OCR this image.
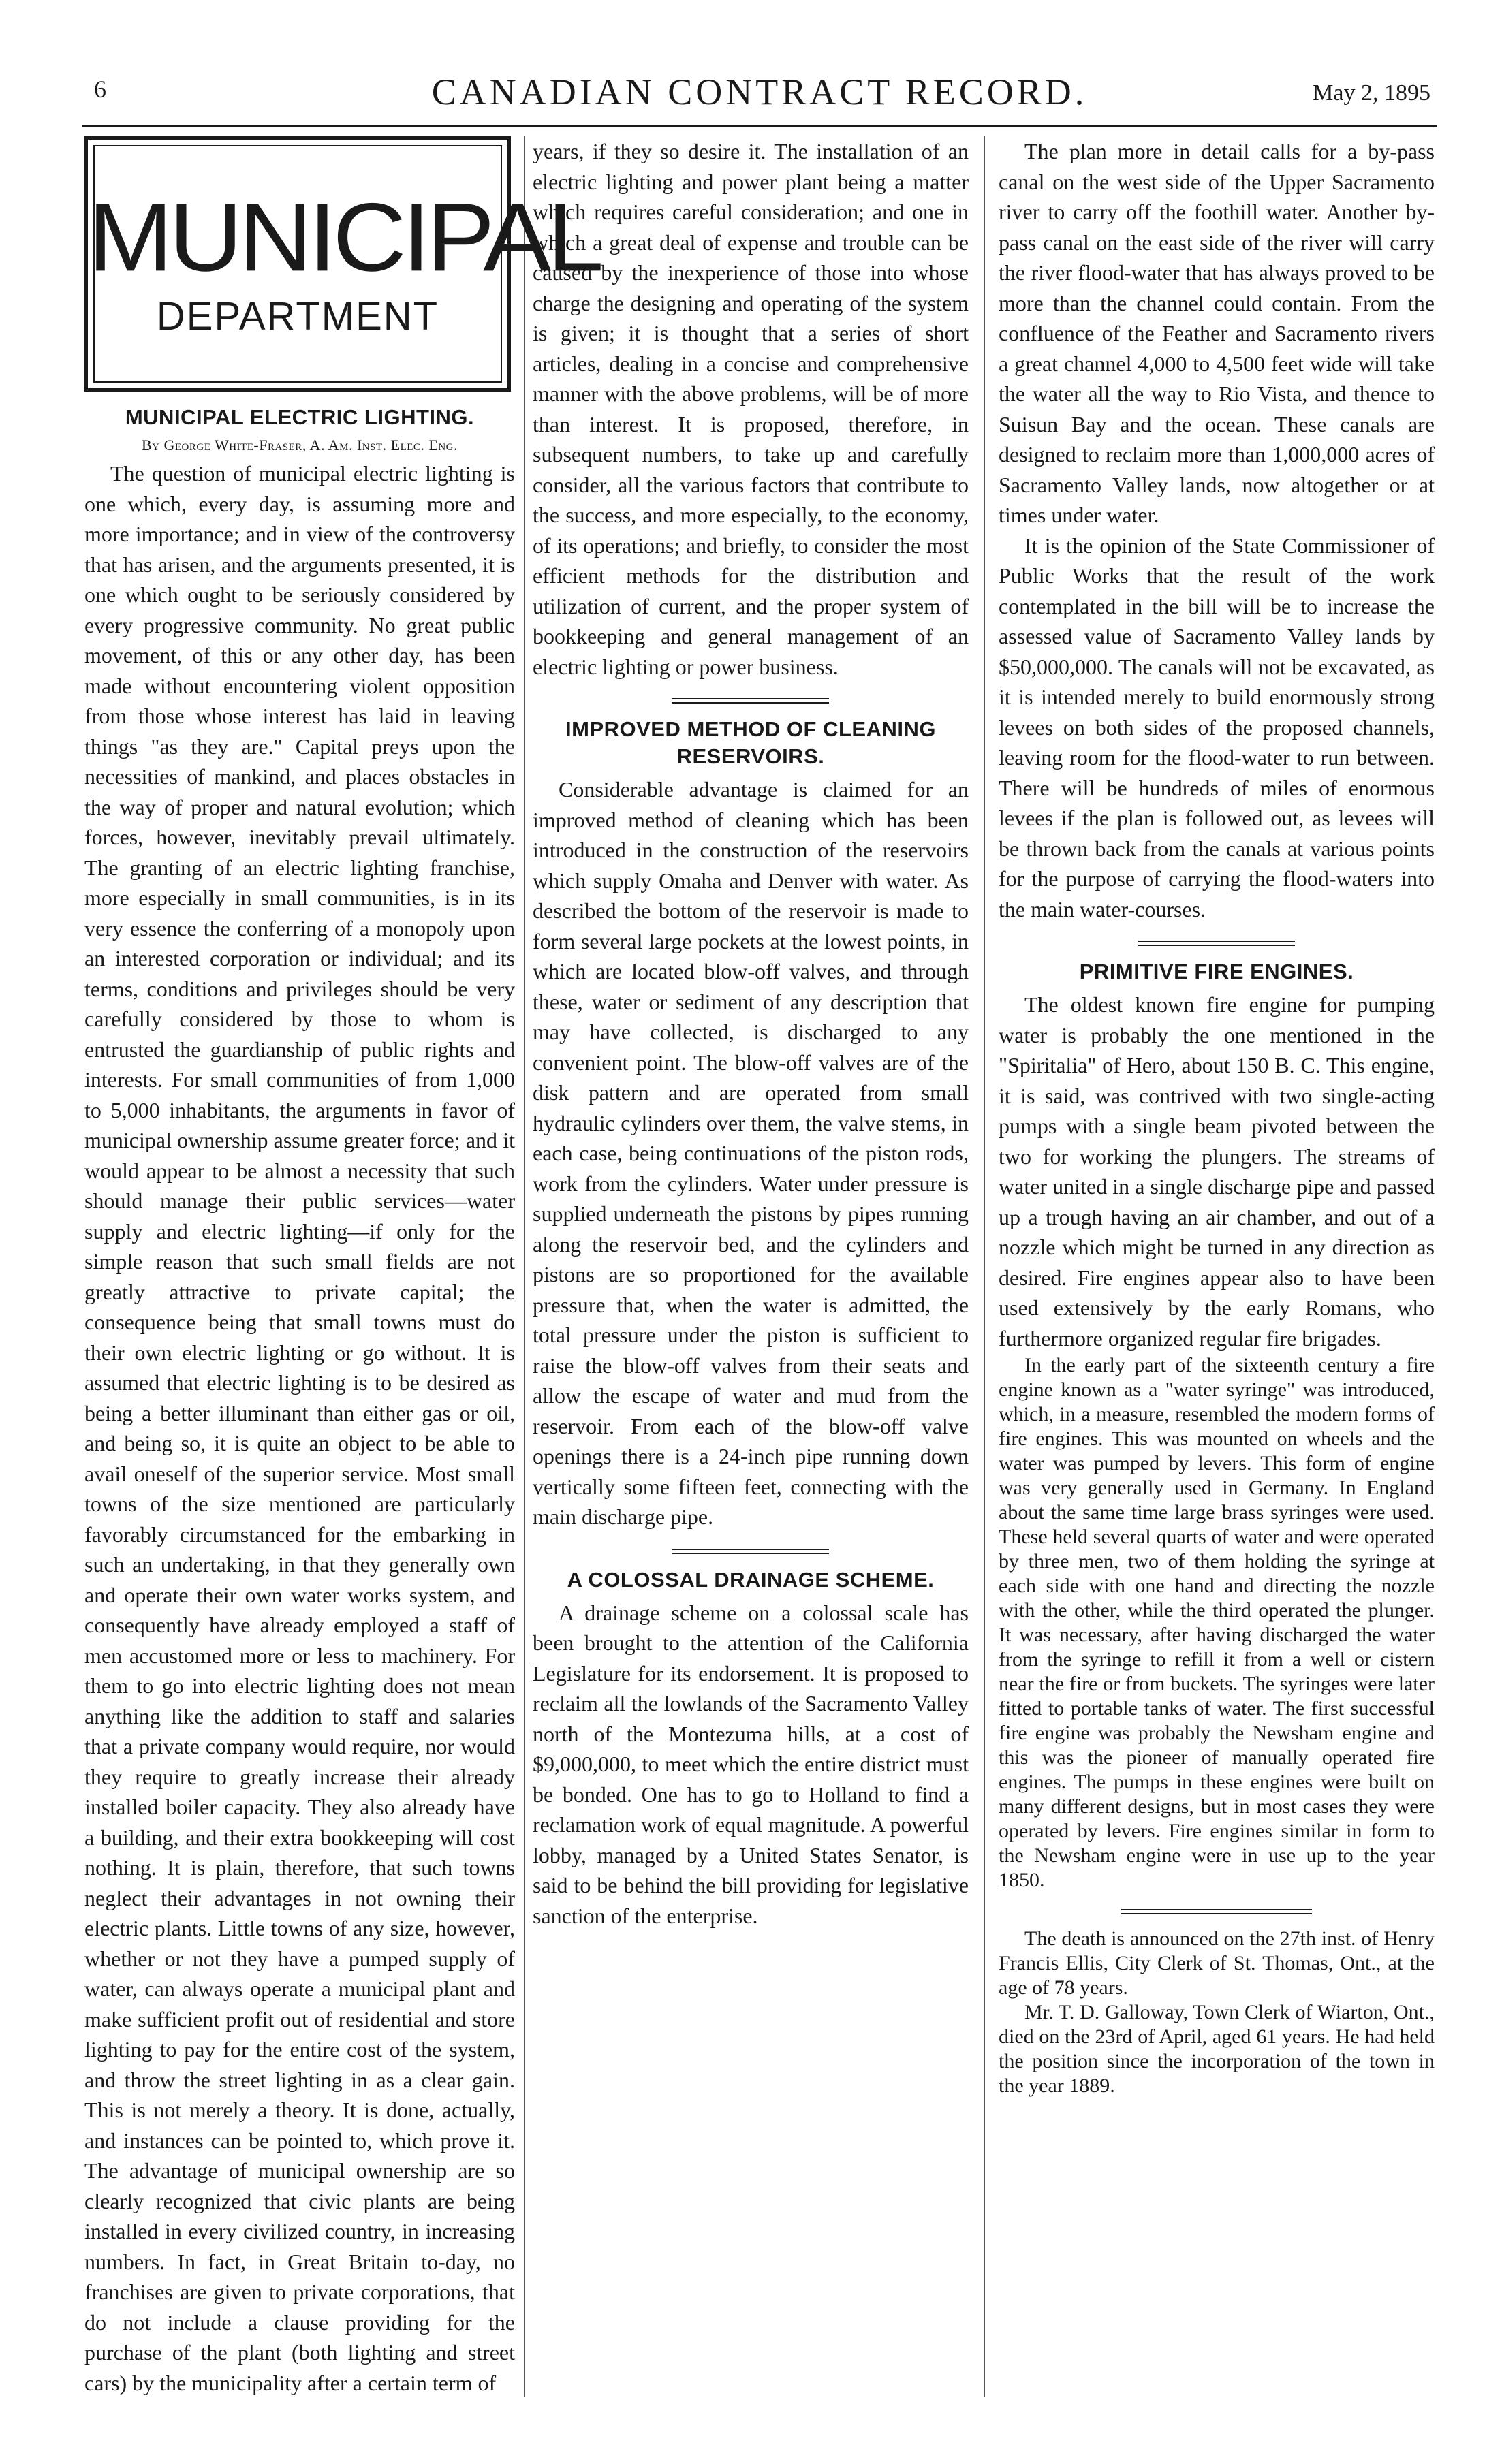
6	CANADIAN CONTRACT RECORD.	May 2, 1895
MUNICIPAL
DEPARTMENT
MUNICIPAL ELECTRIC LIGHTING.
By George White-Fraser, A. Am. Inst. Elec. Eng.

The question of municipal electric lighting is one which, every day, is assuming more and more importance; and in view of the controversy that has arisen, and the arguments presented, it is one which ought to be seriously considered by every progressive community. No great public movement, of this or any other day, has been made without encountering violent opposition from those whose interest has laid in leaving things "as they are." Capital preys upon the necessities of mankind, and places obstacles in the way of proper and natural evolution; which forces, however, inevitably prevail ultimately. The granting of an electric lighting franchise, more especially in small communities, is in its very essence the conferring of a monopoly upon an interested corporation or individual; and its terms, conditions and privileges should be very carefully considered by those to whom is entrusted the guardianship of public rights and interests. For small communities of from 1,000 to 5,000 inhabitants, the arguments in favor of municipal ownership assume greater force; and it would appear to be almost a necessity that such should manage their public services—water supply and electric lighting—if only for the simple reason that such small fields are not greatly attractive to private capital; the consequence being that small towns must do their own electric lighting or go without. It is assumed that electric lighting is to be desired as being a better illuminant than either gas or oil, and being so, it is quite an object to be able to avail oneself of the superior service. Most small towns of the size mentioned are particularly favorably circumstanced for the embarking in such an undertaking, in that they generally own and operate their own water works system, and consequently have already employed a staff of men accustomed more or less to machinery. For them to go into electric lighting does not mean anything like the addition to staff and salaries that a private company would require, nor would they require to greatly increase their already installed boiler capacity. They also already have a building, and their extra bookkeeping will cost nothing. It is plain, therefore, that such towns neglect their advantages in not owning their electric plants. Little towns of any size, however, whether or not they have a pumped supply of water, can always operate a municipal plant and make sufficient profit out of residential and store lighting to pay for the entire cost of the system, and throw the street lighting in as a clear gain. This is not merely a theory. It is done, actually, and instances can be pointed to, which prove it. The advantage of municipal ownership are so clearly recognized that civic plants are being installed in every civilized country, in increasing numbers. In fact, in Great Britain to-day, no franchises are given to private corporations, that do not include a clause providing for the purchase of the plant (both lighting and street cars) by the municipality after a certain term of

years, if they so desire it. The installation of an electric lighting and power plant being a matter which requires careful consideration; and one in which a great deal of expense and trouble can be caused by the inexperience of those into whose charge the designing and operating of the system is given; it is thought that a series of short articles, dealing in a concise and comprehensive manner with the above problems, will be of more than interest. It is proposed, therefore, in subsequent numbers, to take up and carefully consider, all the various factors that contribute to the success, and more especially, to the economy, of its operations; and briefly, to consider the most efficient methods for the distribution and utilization of current, and the proper system of bookkeeping and general management of an electric lighting or power business.

IMPROVED METHOD OF CLEANING RESERVOIRS.

Considerable advantage is claimed for an improved method of cleaning which has been introduced in the construction of the reservoirs which supply Omaha and Denver with water. As described the bottom of the reservoir is made to form several large pockets at the lowest points, in which are located blow-off valves, and through these, water or sediment of any description that may have collected, is discharged to any convenient point. The blow-off valves are of the disk pattern and are operated from small hydraulic cylinders over them, the valve stems, in each case, being continuations of the piston rods, work from the cylinders. Water under pressure is supplied underneath the pistons by pipes running along the reservoir bed, and the cylinders and pistons are so proportioned for the available pressure that, when the water is admitted, the total pressure under the piston is sufficient to raise the blow-off valves from their seats and allow the escape of water and mud from the reservoir. From each of the blow-off valve openings there is a 24-inch pipe running down vertically some fifteen feet, connecting with the main discharge pipe.

A COLOSSAL DRAINAGE SCHEME.

A drainage scheme on a colossal scale has been brought to the attention of the California Legislature for its endorsement. It is proposed to reclaim all the lowlands of the Sacramento Valley north of the Montezuma hills, at a cost of $9,000,000, to meet which the entire district must be bonded. One has to go to Holland to find a reclamation work of equal magnitude. A powerful lobby, managed by a United States Senator, is said to be behind the bill providing for legislative sanction of the enterprise.

The plan more in detail calls for a by-pass canal on the west side of the Upper Sacramento river to carry off the foothill water. Another by-pass canal on the east side of the river will carry the river flood-water that has always proved to be more than the channel could contain. From the confluence of the Feather and Sacramento rivers a great channel 4,000 to 4,500 feet wide will take the water all the way to Rio Vista, and thence to Suisun Bay and the ocean. These canals are designed to reclaim more than 1,000,000 acres of Sacramento Valley lands, now altogether or at times under water.

It is the opinion of the State Commissioner of Public Works that the result of the work contemplated in the bill will be to increase the assessed value of Sacramento Valley lands by $50,000,000. The canals will not be excavated, as it is intended merely to build enormously strong levees on both sides of the proposed channels, leaving room for the flood-water to run between. There will be hundreds of miles of enormous levees if the plan is followed out, as levees will be thrown back from the canals at various points for the purpose of carrying the flood-waters into the main water-courses.

PRIMITIVE FIRE ENGINES.

The oldest known fire engine for pumping water is probably the one mentioned in the "Spiritalia" of Hero, about 150 B. C. This engine, it is said, was contrived with two single-acting pumps with a single beam pivoted between the two for working the plungers. The streams of water united in a single discharge pipe and passed up a trough having an air chamber, and out of a nozzle which might be turned in any direction as desired. Fire engines appear also to have been used extensively by the early Romans, who furthermore organized regular fire brigades.

In the early part of the sixteenth century a fire engine known as a "water syringe" was introduced, which, in a measure, resembled the modern forms of fire engines. This was mounted on wheels and the water was pumped by levers. This form of engine was very generally used in Germany. In England about the same time large brass syringes were used. These held several quarts of water and were operated by three men, two of them holding the syringe at each side with one hand and directing the nozzle with the other, while the third operated the plunger. It was necessary, after having discharged the water from the syringe to refill it from a well or cistern near the fire or from buckets. The syringes were later fitted to portable tanks of water. The first successful fire engine was probably the Newsham engine and this was the pioneer of manually operated fire engines. The pumps in these engines were built on many different designs, but in most cases they were operated by levers. Fire engines similar in form to the Newsham engine were in use up to the year 1850.

The death is announced on the 27th inst. of Henry Francis Ellis, City Clerk of St. Thomas, Ont., at the age of 78 years.

Mr. T. D. Galloway, Town Clerk of Wiarton, Ont., died on the 23rd of April, aged 61 years. He had held the position since the incorporation of the town in the year 1889.
